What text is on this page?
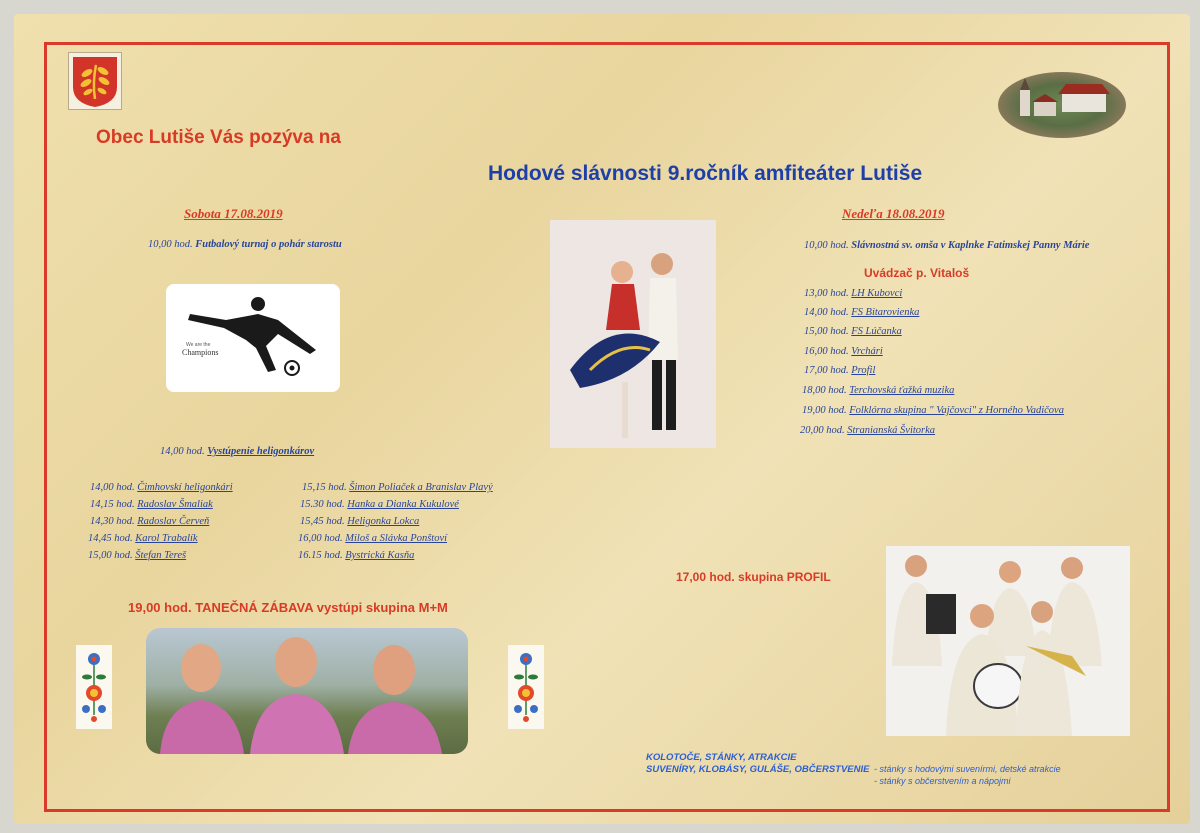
Obec Lutiše Vás pozýva na
Hodové slávnosti 9.ročník amfiteáter Lutiše
Sobota 17.08.2019
10,00 hod. Futbalový turnaj o pohár starostu
We are the
Champions
14,00 hod. Vystúpenie heligonkárov
14,00 hod. Čimhovskí heligonkári
14,15 hod. Radoslav Šmaliak
14,30 hod. Radoslav Červeň
14,45 hod. Karol Trabalík
15,00 hod. Štefan Tereš
15,15 hod. Šimon Poliaček a Branislav Plavý
15.30 hod. Hanka a Dianka Kukulové
15,45 hod. Heligonka Lokca
16,00 hod. Miloš a Slávka Ponštoví
16.15 hod. Bystrická Kasňa
19,00 hod. TANEČNÁ ZÁBAVA vystúpi skupina M+M
Nedeľa 18.08.2019
10,00 hod. Slávnostná sv. omša v Kaplnke Fatimskej Panny Márie
Uvádzač p. Vitaloš
13,00 hod. LH Kubovci
14,00 hod. FS Bitarovienka
15,00 hod. FS Lúčanka
16,00 hod. Vrchári
17,00 hod. Profil
18,00 hod. Terchovská ťažká muzika
19,00 hod. Folklórna skupina " Vajčovci" z Horného Vadičova
20,00 hod. Stranianská Švitorka
17,00 hod. skupina PROFIL
KOLOTOČE, STÁNKY, ATRAKCIE
SUVENÍRY, KLOBÁSY, GULÁŠE, OBČERSTVENIE - stánky s hodovými suvenírmi, detské atrakcie
- stánky s občerstvením a nápojmi
